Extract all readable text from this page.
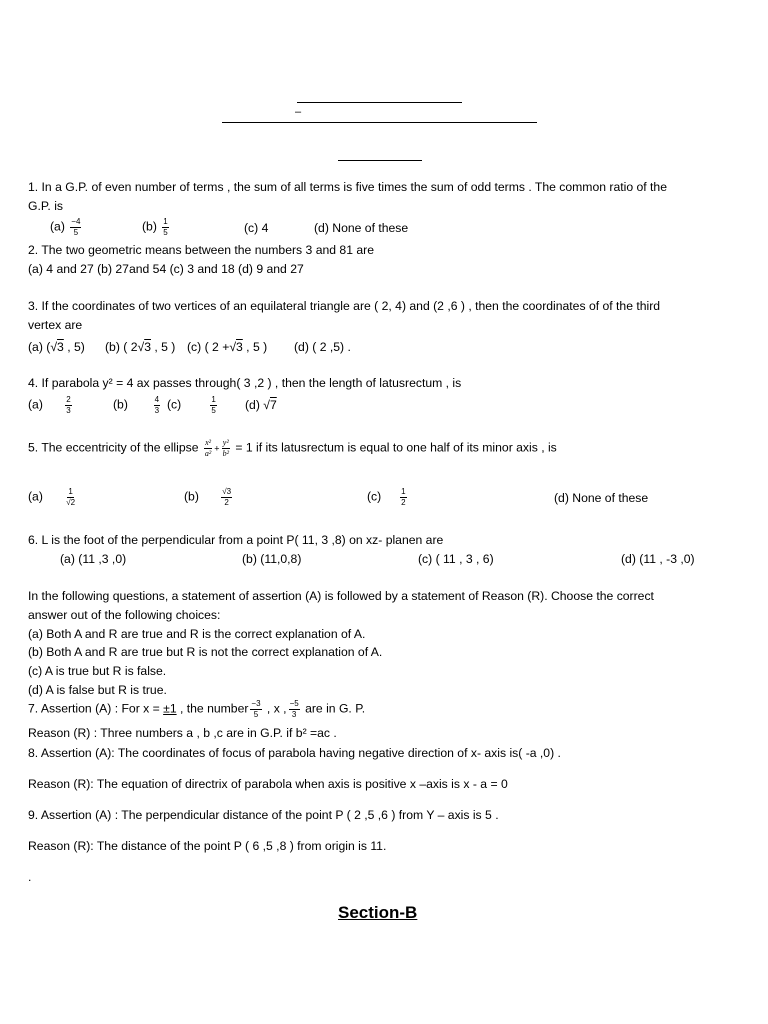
–
1. In a G.P. of even number of terms , the sum of all terms is five times the sum of odd terms . The common ratio of the
G.P. is
$(a) \frac{-4}{5}$	$(b) \frac{1}{5}$	(c) 4	(d) None of these
2. The two geometric means between the numbers 3 and 81 are
(a) 4 and 27 (b) 27and 54 (c) 3 and 18 (d) 9 and 27
3. If the coordinates of two vertices of an equilateral triangle are ( 2, 4) and (2 ,6 ) , then the coordinates of of the third
vertex are
(a) (√3 , 5) (b) ( 2√3 , 5 ) (c) ( 2 +√3 , 5 ) (d) ( 2 ,5) .
4. If parabola y² = 4 ax passes through( 3 ,2 ) , then the length of latusrectum , is
(a)	$\frac{2}{3}$	(b)	$\frac{4}{3} (c)$	$\frac{1}{5} (d)$ √7
5. The eccentricity of the ellipse $\frac{\text{x²}}{\text{a²}} + \frac{\text{y²}}{\text{b²}} = 1$ if its latusrectum is equal to one half of its minor axis , is
(a)	$\frac{1}{√2}$	(b)	$\frac{√3}{2}$	$(c) \frac{1}{2}$	(d) None of these
6. L is the foot of the perpendicular from a point P( 11, 3 ,8) on xz- planen are
(a) (11 ,3 ,0)	(b) (11,0,8)	(c) ( 11 , 3 , 6)	(d) (11 , -3 ,0)
In the following questions, a statement of assertion (A) is followed by a statement of Reason (R). Choose the correct
answer out of the following choices:
(a) Both A and R are true and R is the correct explanation of A.
(b) Both A and R are true but R is not the correct explanation of A.
(c) A is true but R is false.
(d) A is false but R is true.
7. Assertion (A) : For x = ±1 , the number $\frac{-3}{5}$ , x , $\frac{-5}{3}$ are in G. P.
Reason (R) : Three numbers a , b ,c are in G.P. if b² =ac .
8. Assertion (A): The coordinates of focus of parabola having negative direction of x- axis is( -a ,0) .
Reason (R): The equation of directrix of parabola when axis is positive x –axis is x - a = 0
9. Assertion (A) : The perpendicular distance of the point P ( 2 ,5 ,6 ) from Y – axis is 5 .
Reason (R): The distance of the point P ( 6 ,5 ,8 ) from origin is 11.
.
Section-B
